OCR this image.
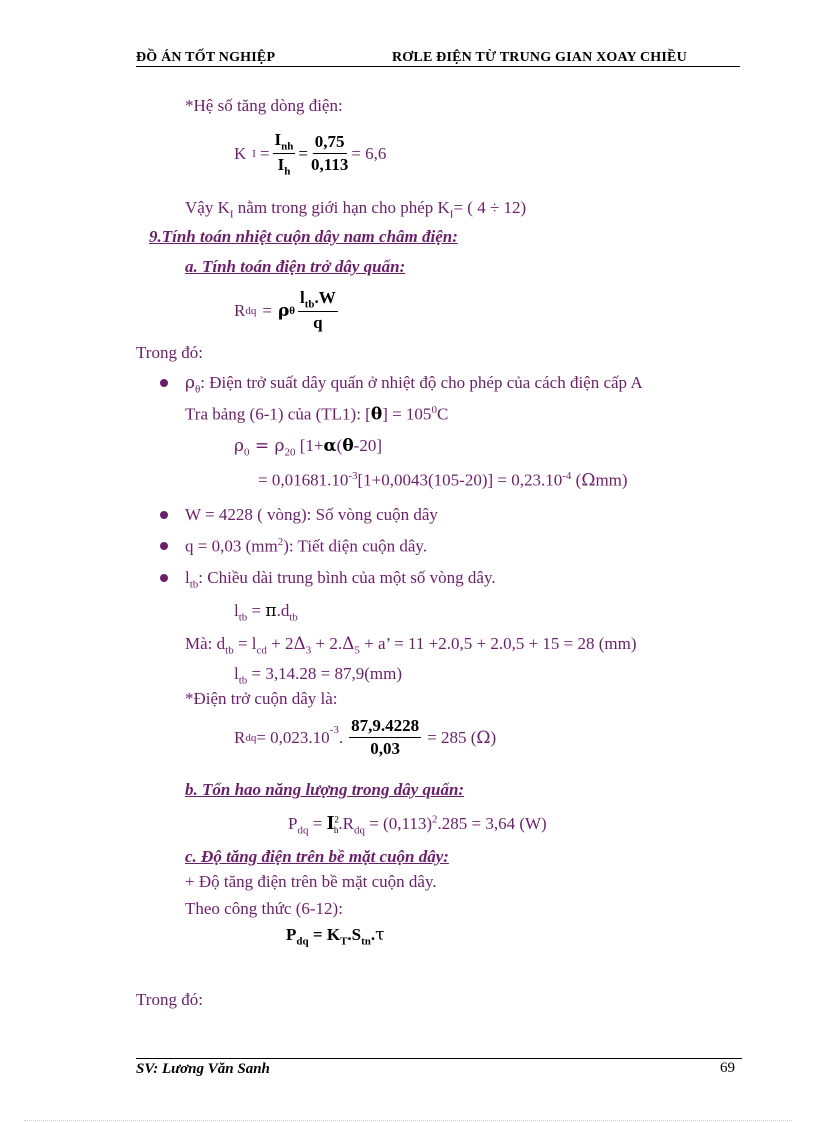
ĐỒ ÁN TỐT NGHIỆP	RƠLE ĐIỆN TỪ TRUNG GIAN XOAY CHIỀU
*Hệ số tăng dòng điện:
K $I = \frac{I_{nh}}{I_h} = \frac{0,75}{0,113} = 6,6$
Vậy $K_I$ nằm trong giới hạn cho phép $K_I=$ ( 4 ÷ 12)
9.Tính toán nhiệt cuộn dây nam châm điện:
a. Tính toán điện trở dây quấn:
R dq = ρ θ $\frac{l_{tb}.W}{q}$
Trong đó:
$\rho_\theta$: Điện trở suất dây quấn ở nhiệt độ cho phép của cách điện cấp A
Tra bảng (6-1) của (TL1): $[\theta] = 105^0C$
$\rho_0 = \rho_{20}$ [1+α(θ-20]
= $0,01681.10^{-3}[1+0,0043(105-20)] = 0,23.10^{-4}$ (Ωmm)
W = 4228 ( vòng): Số vòng cuộn dây
q = 0,03 $(mm^2)$: Tiết diện cuộn dây.
$l_{tb}$: Chiều dài trung bình của một số vòng dây.
$l_{tb} = \pi.d_{tb}$
Mà: $d_{tb} = l_{cd} + 2\Delta_3 + 2.\Delta_5 + a$’ = 11 +2.0,5 + 2.0,5 + 15 = 28 (mm)
$l_{tb} = 3,14.28 = 87,9(mm)$
*Điện trở cuộn dây là:
R dq = $0,023.10^{-3}$ . $\frac{87,9.4228}{0,03} = 285$ ( Ω )
b. Tổn hao năng lượng trong dây quấn:
$P_{dq} = I^2_h.R_{dq} = (0,113)^2.285 = 3,64$ (W)
c. Độ tăng điện trên bề mặt cuộn dây:
+ Độ tăng điện trên bề mặt cuộn dây.
Theo công thức (6-12):
$P_{dq} = K_T.S_{tn}.\tau$
Trong đó:
SV: Lương Văn Sanh	69
